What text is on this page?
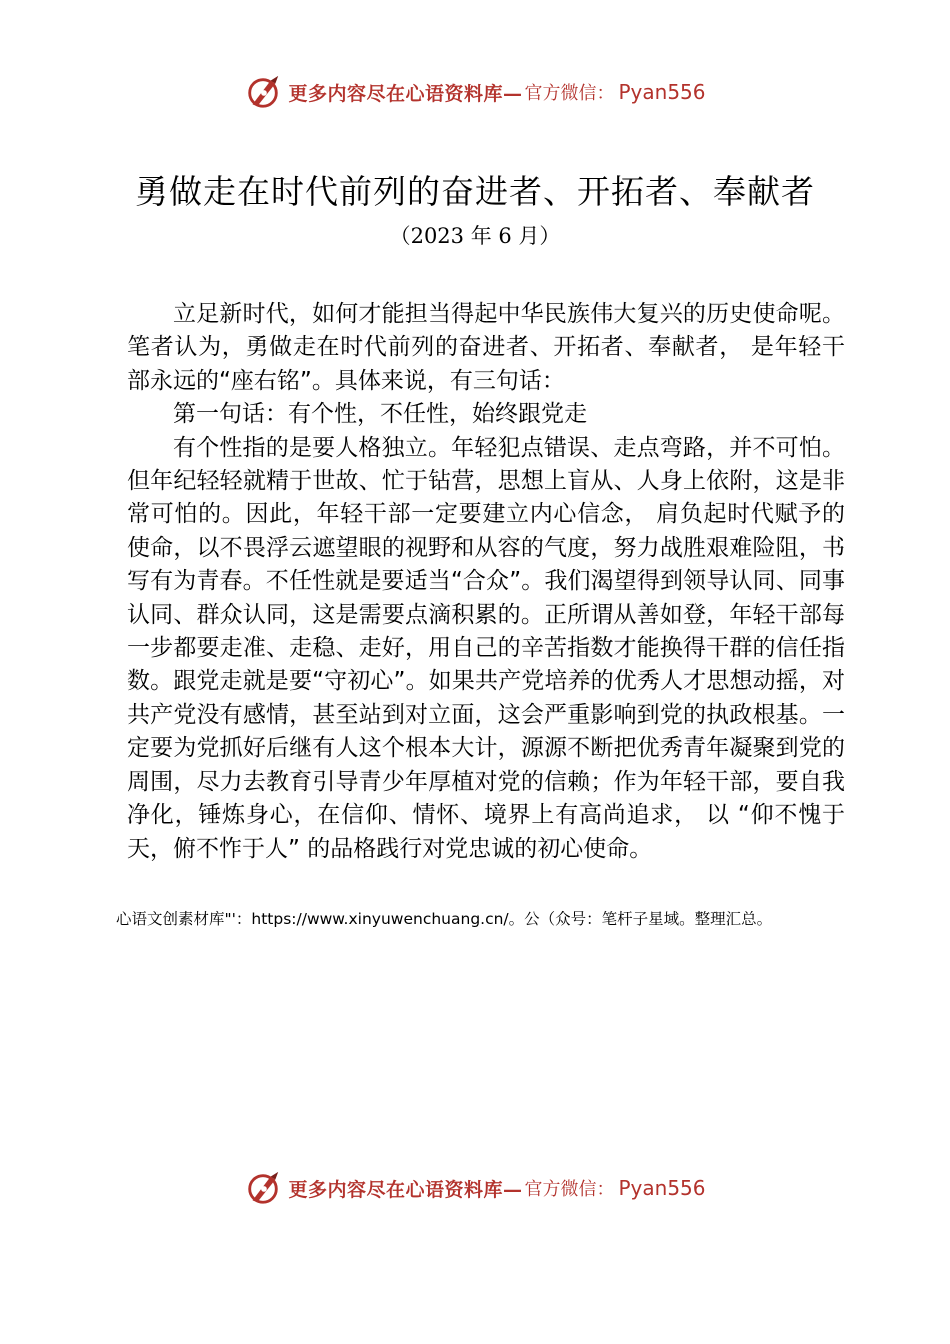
更多内容尽在心语资料库— 官方微信： Pyan556
勇做走在时代前列的奋进者、开拓者、奉献者
（2023 年 6 月）

立足新时代，如何才能担当得起中华民族伟大复兴的历史使命呢。笔者认为，勇做走在时代前列的奋进者、开拓者、奉献者， 是年轻干部永远的“座右铭”。具体来说，有三句话：

第一句话：有个性，不任性，始终跟党走

有个性指的是要人格独立。年轻犯点错误、走点弯路，并不可怕。但年纪轻轻就精于世故、忙于钻营，思想上盲从、人身上依附，这是非常可怕的。因此，年轻干部一定要建立内心信念， 肩负起时代赋予的使命，以不畏浮云遮望眼的视野和从容的气度，努力战胜艰难险阻，书写有为青春。不任性就是要适当“合众”。我们渴望得到领导认同、同事认同、群众认同，这是需要点滴积累的。正所谓从善如登，年轻干部每一步都要走准、走稳、走好，用自己的辛苦指数才能换得干群的信任指数。跟党走就是要“守初心”。如果共产党培养的优秀人才思想动摇，对共产党没有感情，甚至站到对立面，这会严重影响到党的执政根基。一定要为党抓好后继有人这个根本大计，源源不断把优秀青年凝聚到党的周围，尽力去教育引导青少年厚植对党的信赖；作为年轻干部，要自我净化，锤炼身心，在信仰、情怀、境界上有高尚追求， 以 “仰不愧于天，俯不怍于人” 的品格践行对党忠诚的初心使命。

心语文创素材库"'：https://www.xinyuwenchuang.cn/。公（众号：笔杆子星域。整理汇总。
更多内容尽在心语资料库— 官方微信： Pyan556
